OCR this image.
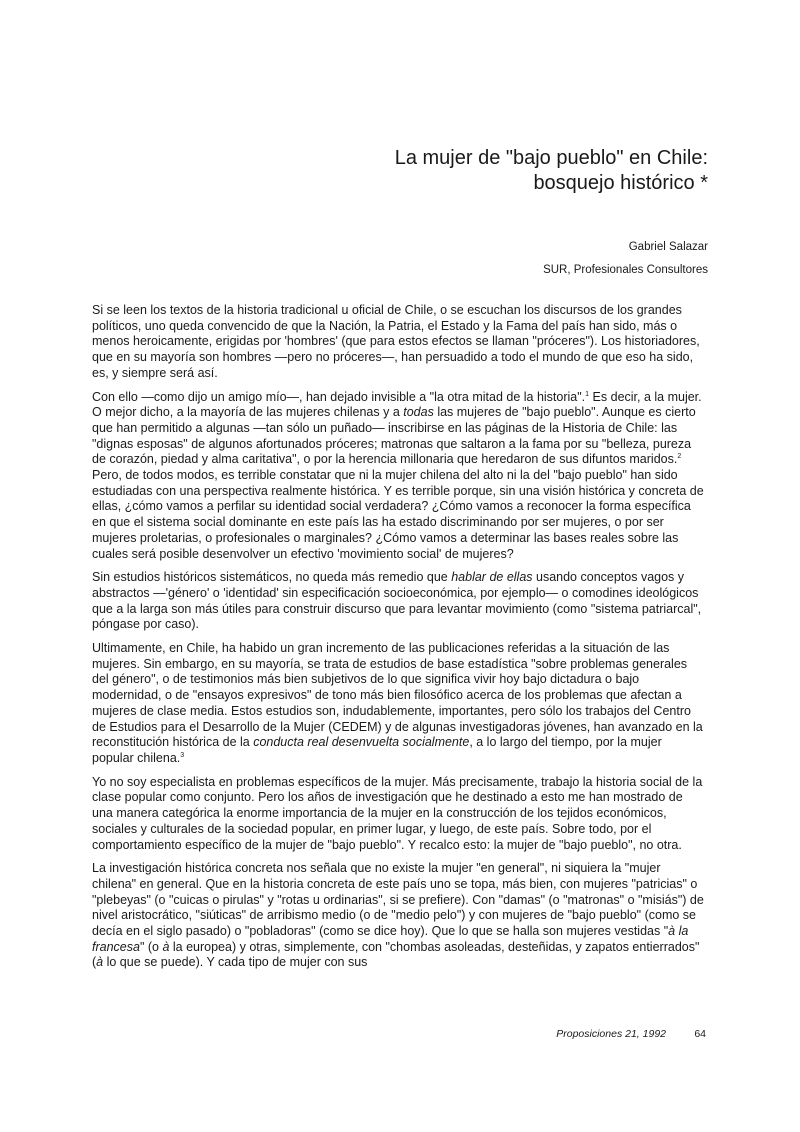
La mujer de "bajo pueblo" en Chile:
bosquejo histórico *
Gabriel Salazar
SUR, Profesionales Consultores

Si se leen los textos de la historia tradicional u oficial de Chile, o se escuchan los discursos de los grandes políticos, uno queda convencido de que la Nación, la Patria, el Estado y la Fama del país han sido, más o menos heroicamente, erigidas por 'hombres' (que para estos efectos se llaman "próceres"). Los historiadores, que en su mayoría son hombres —pero no próceres—, han persuadido a todo el mundo de que eso ha sido, es, y siempre será así.

Con ello —como dijo un amigo mío—, han dejado invisible a "la otra mitad de la historia".$^1$ Es decir, a la mujer. O mejor dicho, a la mayoría de las mujeres chilenas y a todas las mujeres de "bajo pueblo". Aunque es cierto que han permitido a algunas —tan sólo un puñado— inscribirse en las páginas de la Historia de Chile: las "dignas esposas" de algunos afortunados próceres; matronas que saltaron a la fama por su "belleza, pureza de corazón, piedad y alma caritativa", o por la herencia millonaria que heredaron de sus difuntos maridos.$^2$ Pero, de todos modos, es terrible constatar que ni la mujer chilena del alto ni la del "bajo pueblo" han sido estudiadas con una perspectiva realmente histórica. Y es terrible porque, sin una visión histórica y concreta de ellas, ¿cómo vamos a perfilar su identidad social verdadera? ¿Cómo vamos a reconocer la forma específica en que el sistema social dominante en este país las ha estado discriminando por ser mujeres, o por ser mujeres proletarias, o profesionales o marginales? ¿Cómo vamos a determinar las bases reales sobre las cuales será posible desenvolver un efectivo 'movimiento social' de mujeres?

Sin estudios históricos sistemáticos, no queda más remedio que hablar de ellas usando conceptos vagos y abstractos —'género' o 'identidad' sin especificación socioeconómica, por ejemplo— o comodines ideológicos que a la larga son más útiles para construir discurso que para levantar movimiento (como "sistema patriarcal", póngase por caso).

Ultimamente, en Chile, ha habido un gran incremento de las publicaciones referidas a la situación de las mujeres. Sin embargo, en su mayoría, se trata de estudios de base estadística "sobre problemas generales del género", o de testimonios más bien subjetivos de lo que significa vivir hoy bajo dictadura o bajo modernidad, o de "ensayos expresivos" de tono más bien filosófico acerca de los problemas que afectan a mujeres de clase media. Estos estudios son, indudablemente, importantes, pero sólo los trabajos del Centro de Estudios para el Desarrollo de la Mujer (CEDEM) y de algunas investigadoras jóvenes, han avanzado en la reconstitución histórica de la conducta real desenvuelta socialmente, a lo largo del tiempo, por la mujer popular chilena.$^3$

Yo no soy especialista en problemas específicos de la mujer. Más precisamente, trabajo la historia social de la clase popular como conjunto. Pero los años de investigación que he destinado a esto me han mostrado de una manera categórica la enorme importancia de la mujer en la construcción de los tejidos económicos, sociales y culturales de la sociedad popular, en primer lugar, y luego, de este país. Sobre todo, por el comportamiento específico de la mujer de "bajo pueblo". Y recalco esto: la mujer de "bajo pueblo", no otra.

La investigación histórica concreta nos señala que no existe la mujer "en general", ni siquiera la "mujer chilena" en general. Que en la historia concreta de este país uno se topa, más bien, con mujeres "patricias" o "plebeyas" (o "cuicas o pirulas" y "rotas u ordinarias", si se prefiere). Con "damas" (o "matronas" o "misiás") de nivel aristocrático, "siúticas" de arribismo medio (o de "medio pelo") y con mujeres de "bajo pueblo" (como se decía en el siglo pasado) o "pobladoras" (como se dice hoy). Que lo que se halla son mujeres vestidas "à la francesa" (o à la europea) y otras, simplemente, con "chombas asoleadas, desteñidas, y zapatos entierrados" (à lo que se puede). Y cada tipo de mujer con sus

Proposiciones 21, 1992	64
